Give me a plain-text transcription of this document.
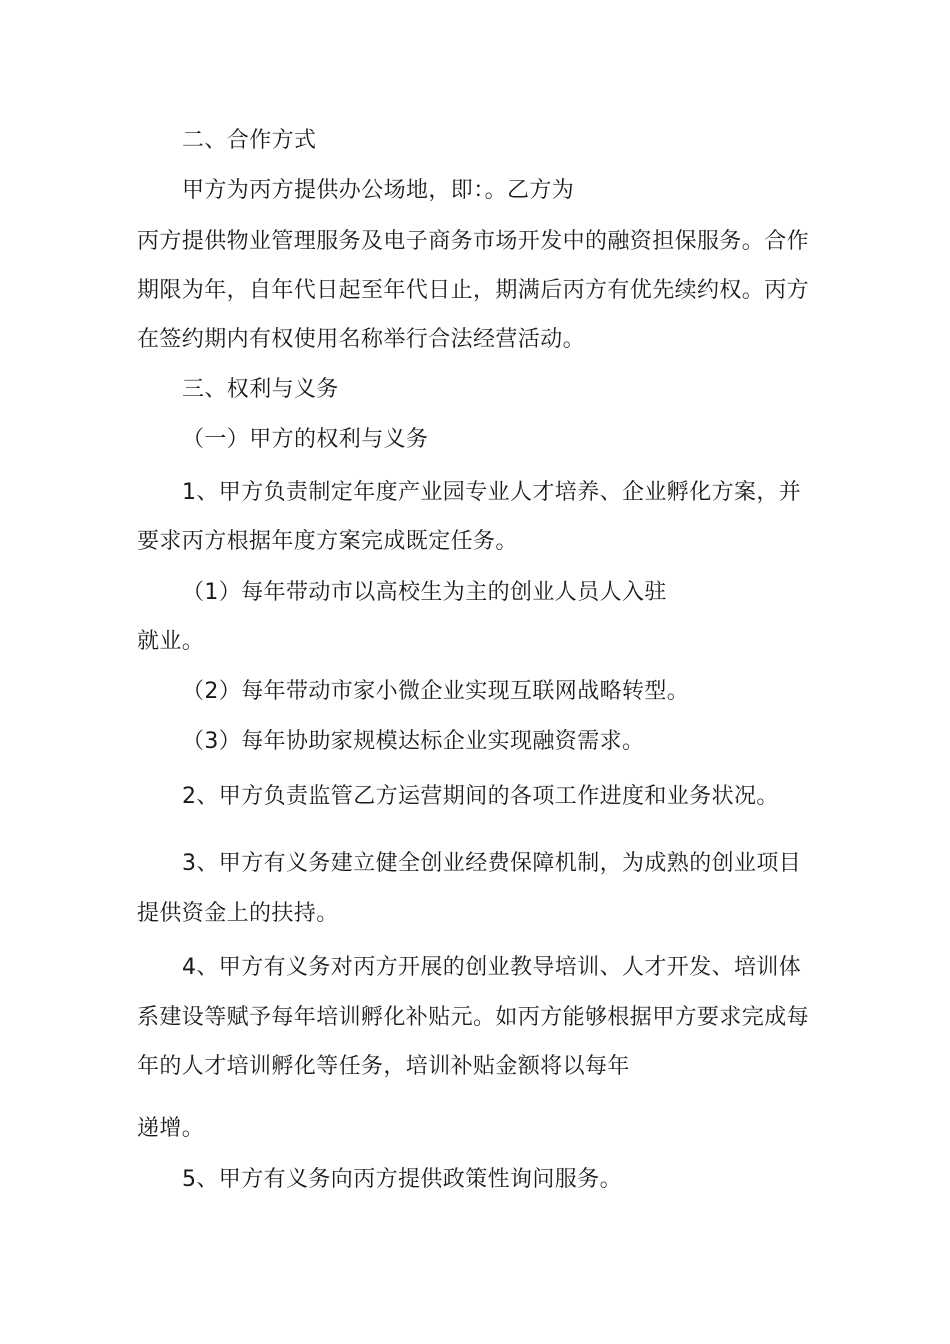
二、合作方式
甲方为丙方提供办公场地，即：。乙方为
丙方提供物业管理服务及电子商务市场开发中的融资担保服务。合作
期限为年，自年代日起至年代日止，期满后丙方有优先续约权。丙方
在签约期内有权使用名称举行合法经营活动。
三、权利与义务
（一）甲方的权利与义务
1、甲方负责制定年度产业园专业人才培养、企业孵化方案，并
要求丙方根据年度方案完成既定任务。
（1）每年带动市以高校生为主的创业人员人入驻
就业。
（2）每年带动市家小微企业实现互联网战略转型。
（3）每年协助家规模达标企业实现融资需求。
2、甲方负责监管乙方运营期间的各项工作进度和业务状况。
3、甲方有义务建立健全创业经费保障机制，为成熟的创业项目
提供资金上的扶持。
4、甲方有义务对丙方开展的创业教导培训、人才开发、培训体
系建设等赋予每年培训孵化补贴元。如丙方能够根据甲方要求完成每
年的人才培训孵化等任务，培训补贴金额将以每年
递增。
5、甲方有义务向丙方提供政策性询问服务。
